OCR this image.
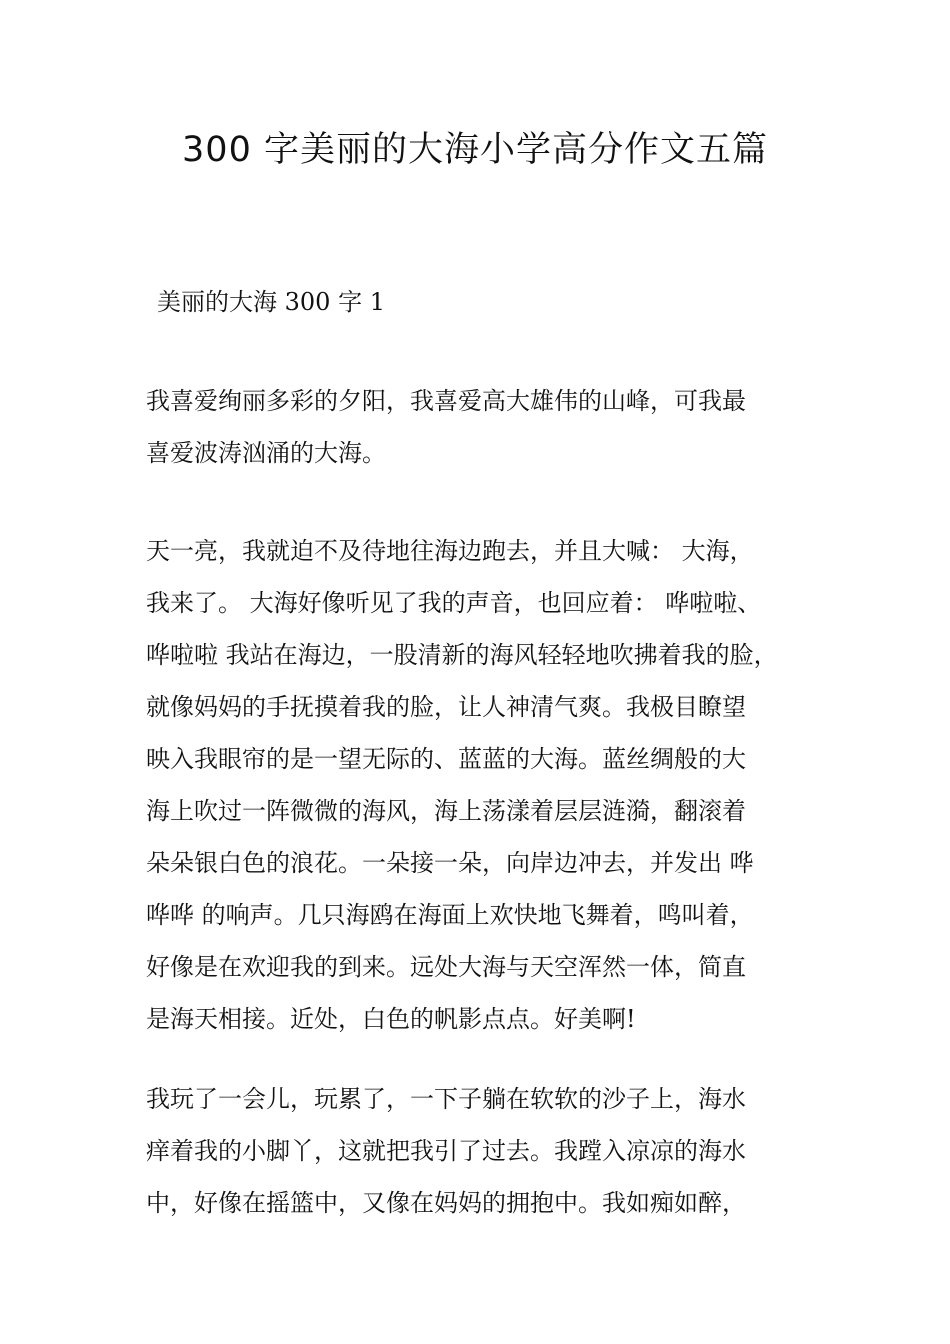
300 字美丽的大海小学高分作文五篇

美丽的大海 300 字 1

我喜爱绚丽多彩的夕阳，我喜爱高大雄伟的山峰，可我最
喜爱波涛汹涌的大海。

天一亮，我就迫不及待地往海边跑去，并且大喊： 大海，
我来了。 大海好像听见了我的声音，也回应着： 哗啦啦、
哗啦啦 我站在海边，一股清新的海风轻轻地吹拂着我的脸，
就像妈妈的手抚摸着我的脸，让人神清气爽。我极目瞭望
映入我眼帘的是一望无际的、蓝蓝的大海。蓝丝绸般的大
海上吹过一阵微微的海风，海上荡漾着层层涟漪，翻滚着
朵朵银白色的浪花。一朵接一朵，向岸边冲去，并发出 哗
哗哗 的响声。几只海鸥在海面上欢快地飞舞着，鸣叫着，
好像是在欢迎我的到来。远处大海与天空浑然一体，简直
是海天相接。近处，白色的帆影点点。好美啊!

我玩了一会儿，玩累了，一下子躺在软软的沙子上，海水
痒着我的小脚丫，这就把我引了过去。我蹚入凉凉的海水
中，好像在摇篮中，又像在妈妈的拥抱中。我如痴如醉，
